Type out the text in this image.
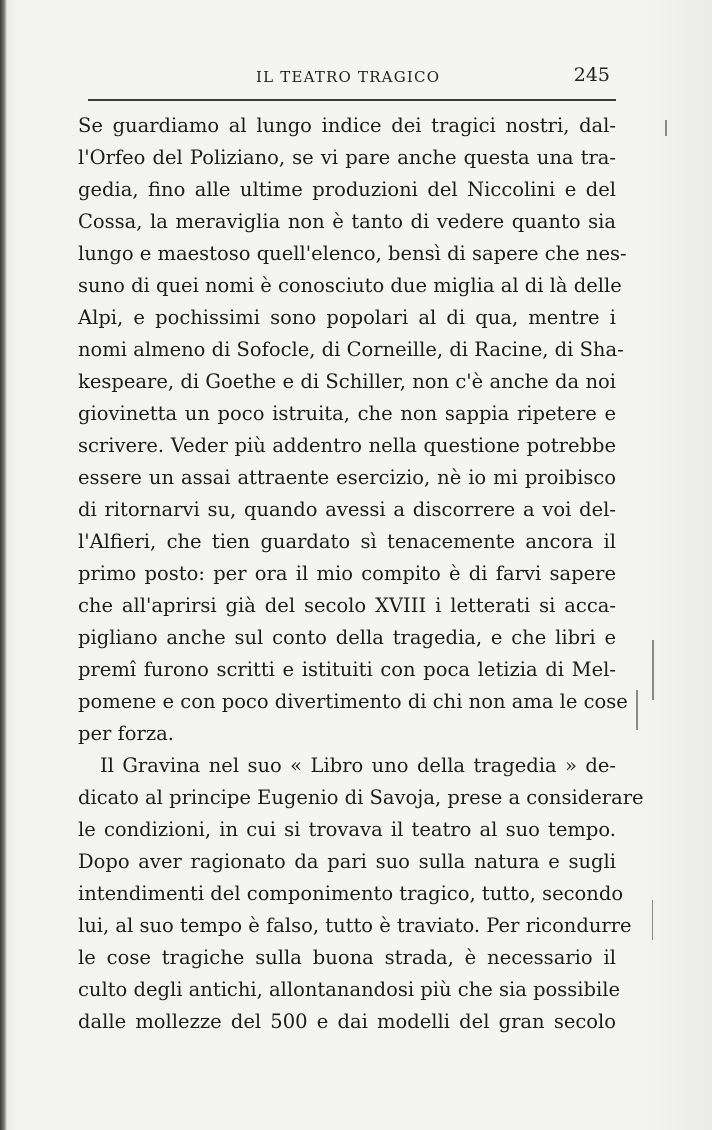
IL TEATRO TRAGICO	245
Se guardiamo al lungo indice dei tragici nostri, dal-
l'Orfeo del Poliziano, se vi pare anche questa una tra-
gedia, fino alle ultime produzioni del Niccolini e del
Cossa, la meraviglia non è tanto di vedere quanto sia
lungo e maestoso quell'elenco, bensì di sapere che nes-
suno di quei nomi è conosciuto due miglia al di là delle
Alpi, e pochissimi sono popolari al di qua, mentre i
nomi almeno di Sofocle, di Corneille, di Racine, di Sha-
kespeare, di Goethe e di Schiller, non c'è anche da noi
giovinetta un poco istruita, che non sappia ripetere e
scrivere. Veder più addentro nella questione potrebbe
essere un assai attraente esercizio, nè io mi proibisco
di ritornarvi su, quando avessi a discorrere a voi del-
l'Alfieri, che tien guardato sì tenacemente ancora il
primo posto: per ora il mio compito è di farvi sapere
che all'aprirsi già del secolo XVIII i letterati si acca-
pigliano anche sul conto della tragedia, e che libri e
premî furono scritti e istituiti con poca letizia di Mel-
pomene e con poco divertimento di chi non ama le cose
per forza.
Il Gravina nel suo « Libro uno della tragedia » de-
dicato al principe Eugenio di Savoja, prese a considerare
le condizioni, in cui si trovava il teatro al suo tempo.
Dopo aver ragionato da pari suo sulla natura e sugli
intendimenti del componimento tragico, tutto, secondo
lui, al suo tempo è falso, tutto è traviato. Per ricondurre
le cose tragiche sulla buona strada, è necessario il
culto degli antichi, allontanandosi più che sia possibile
dalle mollezze del 500 e dai modelli del gran secolo
